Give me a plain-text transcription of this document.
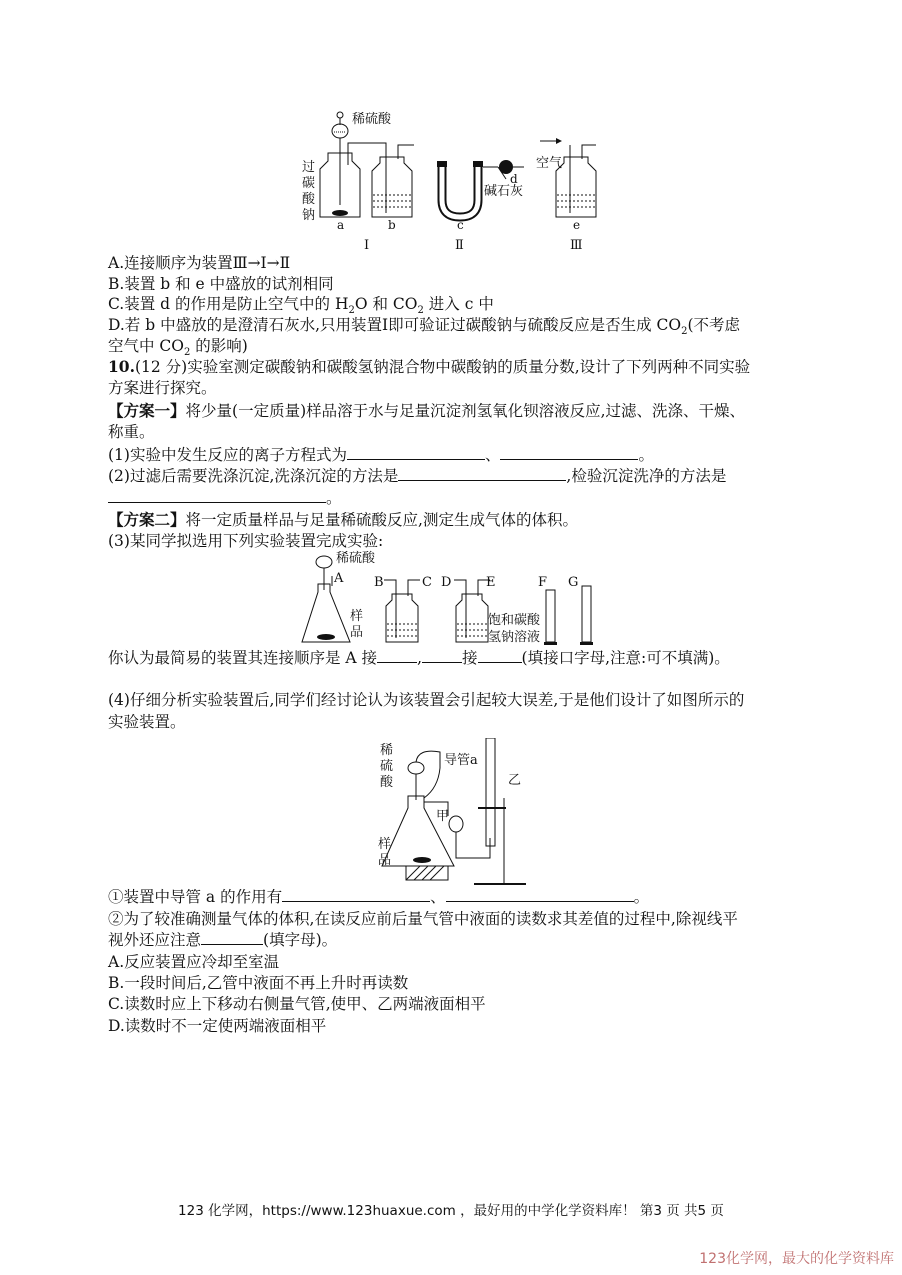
稀硫酸
过
碳
酸
钠
空气
碱石灰
a	b	c
d
e
Ⅰ	Ⅱ	Ⅲ
A.连接顺序为装置Ⅲ→Ⅰ→Ⅱ
B.装置 b 和 e 中盛放的试剂相同
C.装置 d 的作用是防止空气中的 $H_2O$ 和 $CO_2$ 进入 c 中
D.若 b 中盛放的是澄清石灰水,只用装置Ⅰ即可验证过碳酸钠与硫酸反应是否生成 $CO_2$(不考虑
空气中 $CO_2$ 的影响)
10.(12 分)实验室测定碳酸钠和碳酸氢钠混合物中碳酸钠的质量分数,设计了下列两种不同实验
方案进行探究。
【方案一】将少量(一定质量)样品溶于水与足量沉淀剂氢氧化钡溶液反应,过滤、洗涤、干燥、
称重。
(1)实验中发生反应的离子方程式为	、	。
(2)过滤后需要洗涤沉淀,洗涤沉淀的方法是	,检验沉淀洗净的方法是
。
【方案二】将一定质量样品与足量稀硫酸反应,测定生成气体的体积。
(3)某同学拟选用下列实验装置完成实验:
稀硫酸
A
样
品
B	C D	E
饱和碳酸
氢钠溶液
F G
你认为最简易的装置其连接顺序是 A 接	,	接	(填接口字母,注意:可不填满)。
(4)仔细分析实验装置后,同学们经讨论认为该装置会引起较大误差,于是他们设计了如图所示的
实验装置。
稀
硫
酸
导管a
乙
甲
样
品
①装置中导管 a 的作用有	、	。
②为了较准确测量气体的体积,在读反应前后量气管中液面的读数求其差值的过程中,除视线平
视外还应注意	(填字母)。
A.反应装置应冷却至室温
B.一段时间后,乙管中液面不再上升时再读数
C.读数时应上下移动右侧量气管,使甲、乙两端液面相平
D.读数时不一定使两端液面相平
123 化学网，https://www.123huaxue.com ，最好用的中学化学资料库！ 第3 页 共5 页
123化学网，最大的化学资料库
